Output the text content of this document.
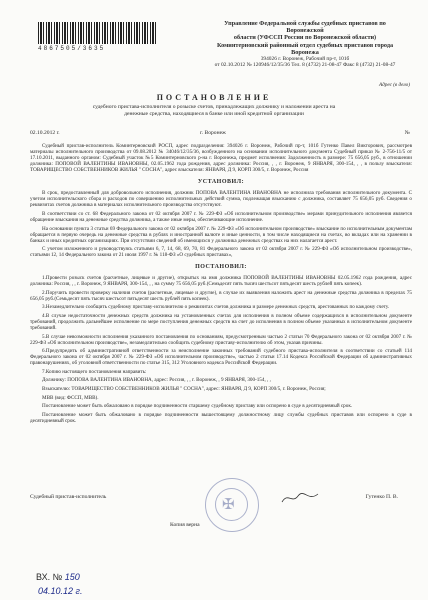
4867505/3635
Управление Федеральной службы судебных приставов по Воронежской
области (УФССП России по Воронежской области)
Коминтерновский районный отдел судебных приставов города Воронежа
394026 г. Воронеж, Рабочий пр-т, 101б
от 02.10.2012 № 120946/12/35/36 Тел. 8 (4732) 21-08-47 Факс 8 (4732) 21-08-47
Адрес (в дело)
ПОСТАНОВЛЕНИЕ
судебного пристава-исполнителя о розыске счетов, принадлежащих должнику и наложении ареста на денежные средства, находящиеся в банке или иной кредитной организации
02.10.2012 г.	г. Воронеж	№

Судебный пристав-исполнитель Коминтерновский РОСП, адрес подразделения: 394026 г. Воронеж, Рабочий пр-т, 101б Гутенко Павел Викторович, рассмотрев материалы исполнительного производства от 09.08.2012 № 34046/12/35/36, возбужденного на основании исполнительного документа Судебный приказ № 2-756-11/5 от 17.10.2011, выданного органом: Судебный участок №5 Коминтерновского р-на г. Воронежа, предмет исполнения: Задолженность в размере: 75 656,05 руб., в отношении должника: ПОПОВОЙ ВАЛЕНТИНЫ ИВАНОВНЫ, 02.05.1962 года рождения, адрес должника: Россия, , , г. Воронеж, 9 ЯНВАРЯ, 300-154, , , в пользу взыскателя: ТОВАРИЩЕСТВО СОБСТВЕННИКОВ ЖИЛЬЯ " СОСНА", адрес взыскателя: ЯНВАРЯ, Д 9, КОРП 300/5, г. Воронеж, Россия

УСТАНОВИЛ:

В срок, предоставленный для добровольного исполнения, должник ПОПОВА ВАЛЕНТИНА ИВАНОВНА не исполнила требования исполнительного документа. С учетом исполнительского сбора и расходов по совершению исполнительных действий сумма, подлежащая взысканию с должника, составляет 75 656,05 руб. Сведения о реквизитах счетов должника в материалах исполнительного производства отсутствуют.

В соответствии со ст. 68 Федерального закона от 02 октября 2007 г. № 229-ФЗ «Об исполнительном производстве» мерами принудительного исполнения является обращение взыскания на денежные средства должника, а также иные меры, обеспечивающие исполнение.

На основании пункта 3 статьи 69 Федерального закона от 02 октября 2007 г. № 229-ФЗ «Об исполнительном производстве» взыскание по исполнительным документам обращается в первую очередь на денежные средства в рублях и иностранной валюте и иные ценности, в том числе находящиеся на счетах, во вкладах или на хранении в банках и иных кредитных организациях. При отсутствии сведений об имеющихся у должника денежных средствах на них налагается арест.

С учетом изложенного и руководствуясь статьями 6, 7, 14, 68, 69, 70, 81 Федерального закона от 02 октября 2007 г. № 229-ФЗ «Об исполнительном производстве», статьями 12, 14 Федерального закона от 21 июля 1997 г. № 118-ФЗ «О судебных приставах»,

ПОСТАНОВИЛ:

1.Провести розыск счетов (расчетные, лицевые и другие), открытых на имя должника ПОПОВОЙ ВАЛЕНТИНЫ ИВАНОВНЫ 02.05.1962 года рождения, адрес должника: Россия, , , г. Воронеж, 9 ЯНВАРЯ, 300-154, , , на сумму 75 656,05 руб.(Семьдесят пять тысяч шестьсот пятьдесят шесть рублей пять копеек).

2.Поручить провести проверку наличия счетов (расчетные, лицевые и другие), в случае их выявления наложить арест на денежные средства должника в пределах 75 656,05 руб.(Семьдесят пять тысяч шестьсот пятьдесят шесть рублей пять копеек).

3.Незамедлительно сообщить судебному приставу-исполнителю о реквизитах счетов должника и размере денежных средств, арестованных по каждому счету.

4.В случае недостаточности денежных средств должника на установленных счетах для исполнения в полном объеме содержащихся в исполнительном документе требований, продолжить дальнейшее исполнение по мере поступления денежных средств на счет до исполнения в полном объеме указанных в исполнительном документе требований.

5.В случае невозможности исполнения указанного постановления по основаниям, предусмотренным частью 2 статьи 70 Федерального закона от 02 октября 2007 г. № 229-ФЗ «Об исполнительном производстве», незамедлительно сообщить судебному приставу-исполнителю об этом, указав причины.

6.Предупредить об административной ответственности за неисполнение законных требований судебного пристава-исполнителя в соответствии со статьей 114 Федерального закона от 02 октября 2007 г. № 229-ФЗ «Об исполнительном производстве», частью 2 статьи 17.14 Кодекса Российской Федерации об административных правонарушениях, об уголовной ответственности по статье 315, 312 Уголовного кодекса Российской Федерации.

7.Копию настоящего постановления направить:

Должнику: ПОПОВА ВАЛЕНТИНА ИВАНОВНА, адрес: Россия, , , г. Воронеж, , 9 ЯНВАРЯ, 300-154, , ,

Взыскателю: ТОВАРИЩЕСТВО СОБСТВЕННИКОВ ЖИЛЬЯ " СОСНА", адрес: ЯНВАРЯ, Д 9, КОРП 300/5, г. Воронеж, Россия;

МВВ (вид: ФССП, МВВ).

Постановление может быть обжаловано в порядке подчиненности старшему судебному приставу или оспорено в суде в десятидневный срок.

Постановление может быть обжаловано в порядке подчиненности вышестоящему должностному лицу службы судебных приставов или оспорено в суде в десятидневный срок.

✠
Судебный пристав-исполнитель	Гутенко П. В.
Копия верна
ВХ. № 150
04.10.12 г.
